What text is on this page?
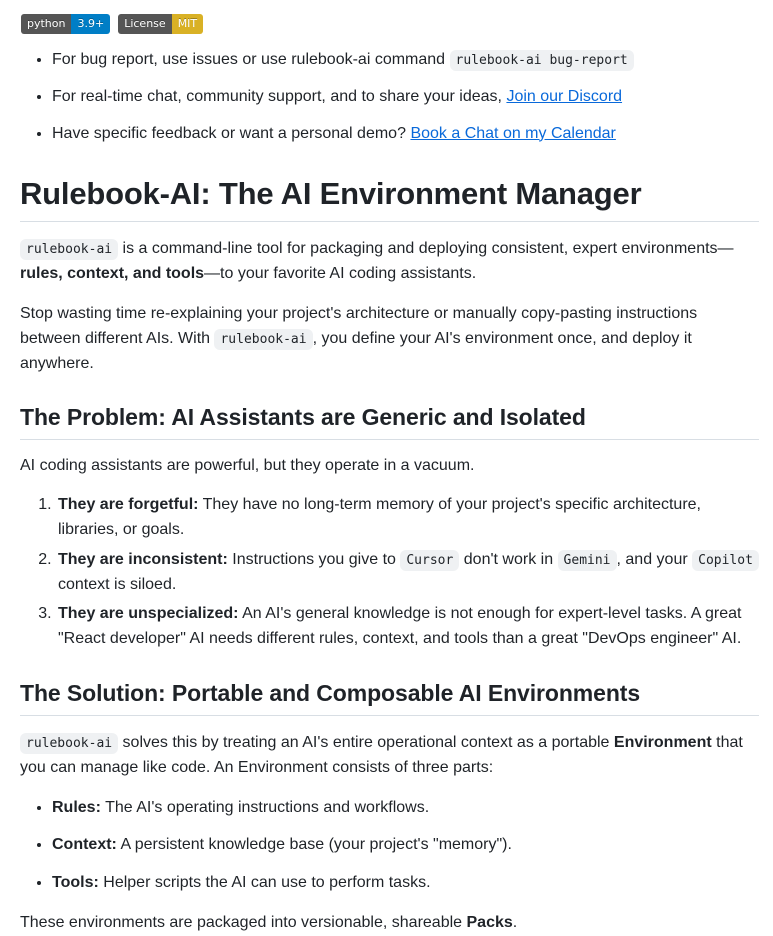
python	3.9+	License	MIT
• For bug report, use issues or use rulebook-ai command rulebook-ai bug-report
• For real-time chat, community support, and to share your ideas, Join our Discord
• Have specific feedback or want a personal demo? Book a Chat on my Calendar
Rulebook-AI: The AI Environment Manager

rulebook-ai is a command-line tool for packaging and deploying consistent, expert environments—rules, context, and tools—to your favorite AI coding assistants.

Stop wasting time re-explaining your project's architecture or manually copy-pasting instructions between different AIs. With rulebook-ai , you define your AI's environment once, and deploy it anywhere.

The Problem: AI Assistants are Generic and Isolated

AI coding assistants are powerful, but they operate in a vacuum.

1. They are forgetful: They have no long-term memory of your project's specific architecture, libraries, or goals.
2. They are inconsistent: Instructions you give to Cursor don't work in Gemini , and your Copilot context is siloed.
3. They are unspecialized: An AI's general knowledge is not enough for expert-level tasks. A great "React developer" AI needs different rules, context, and tools than a great "DevOps engineer" AI.
The Solution: Portable and Composable AI Environments

rulebook-ai solves this by treating an AI's entire operational context as a portable Environment that you can manage like code. An Environment consists of three parts:

• Rules: The AI's operating instructions and workflows.
• Context: A persistent knowledge base (your project's "memory").
• Tools: Helper scripts the AI can use to perform tasks.

These environments are packaged into versionable, shareable Packs.
